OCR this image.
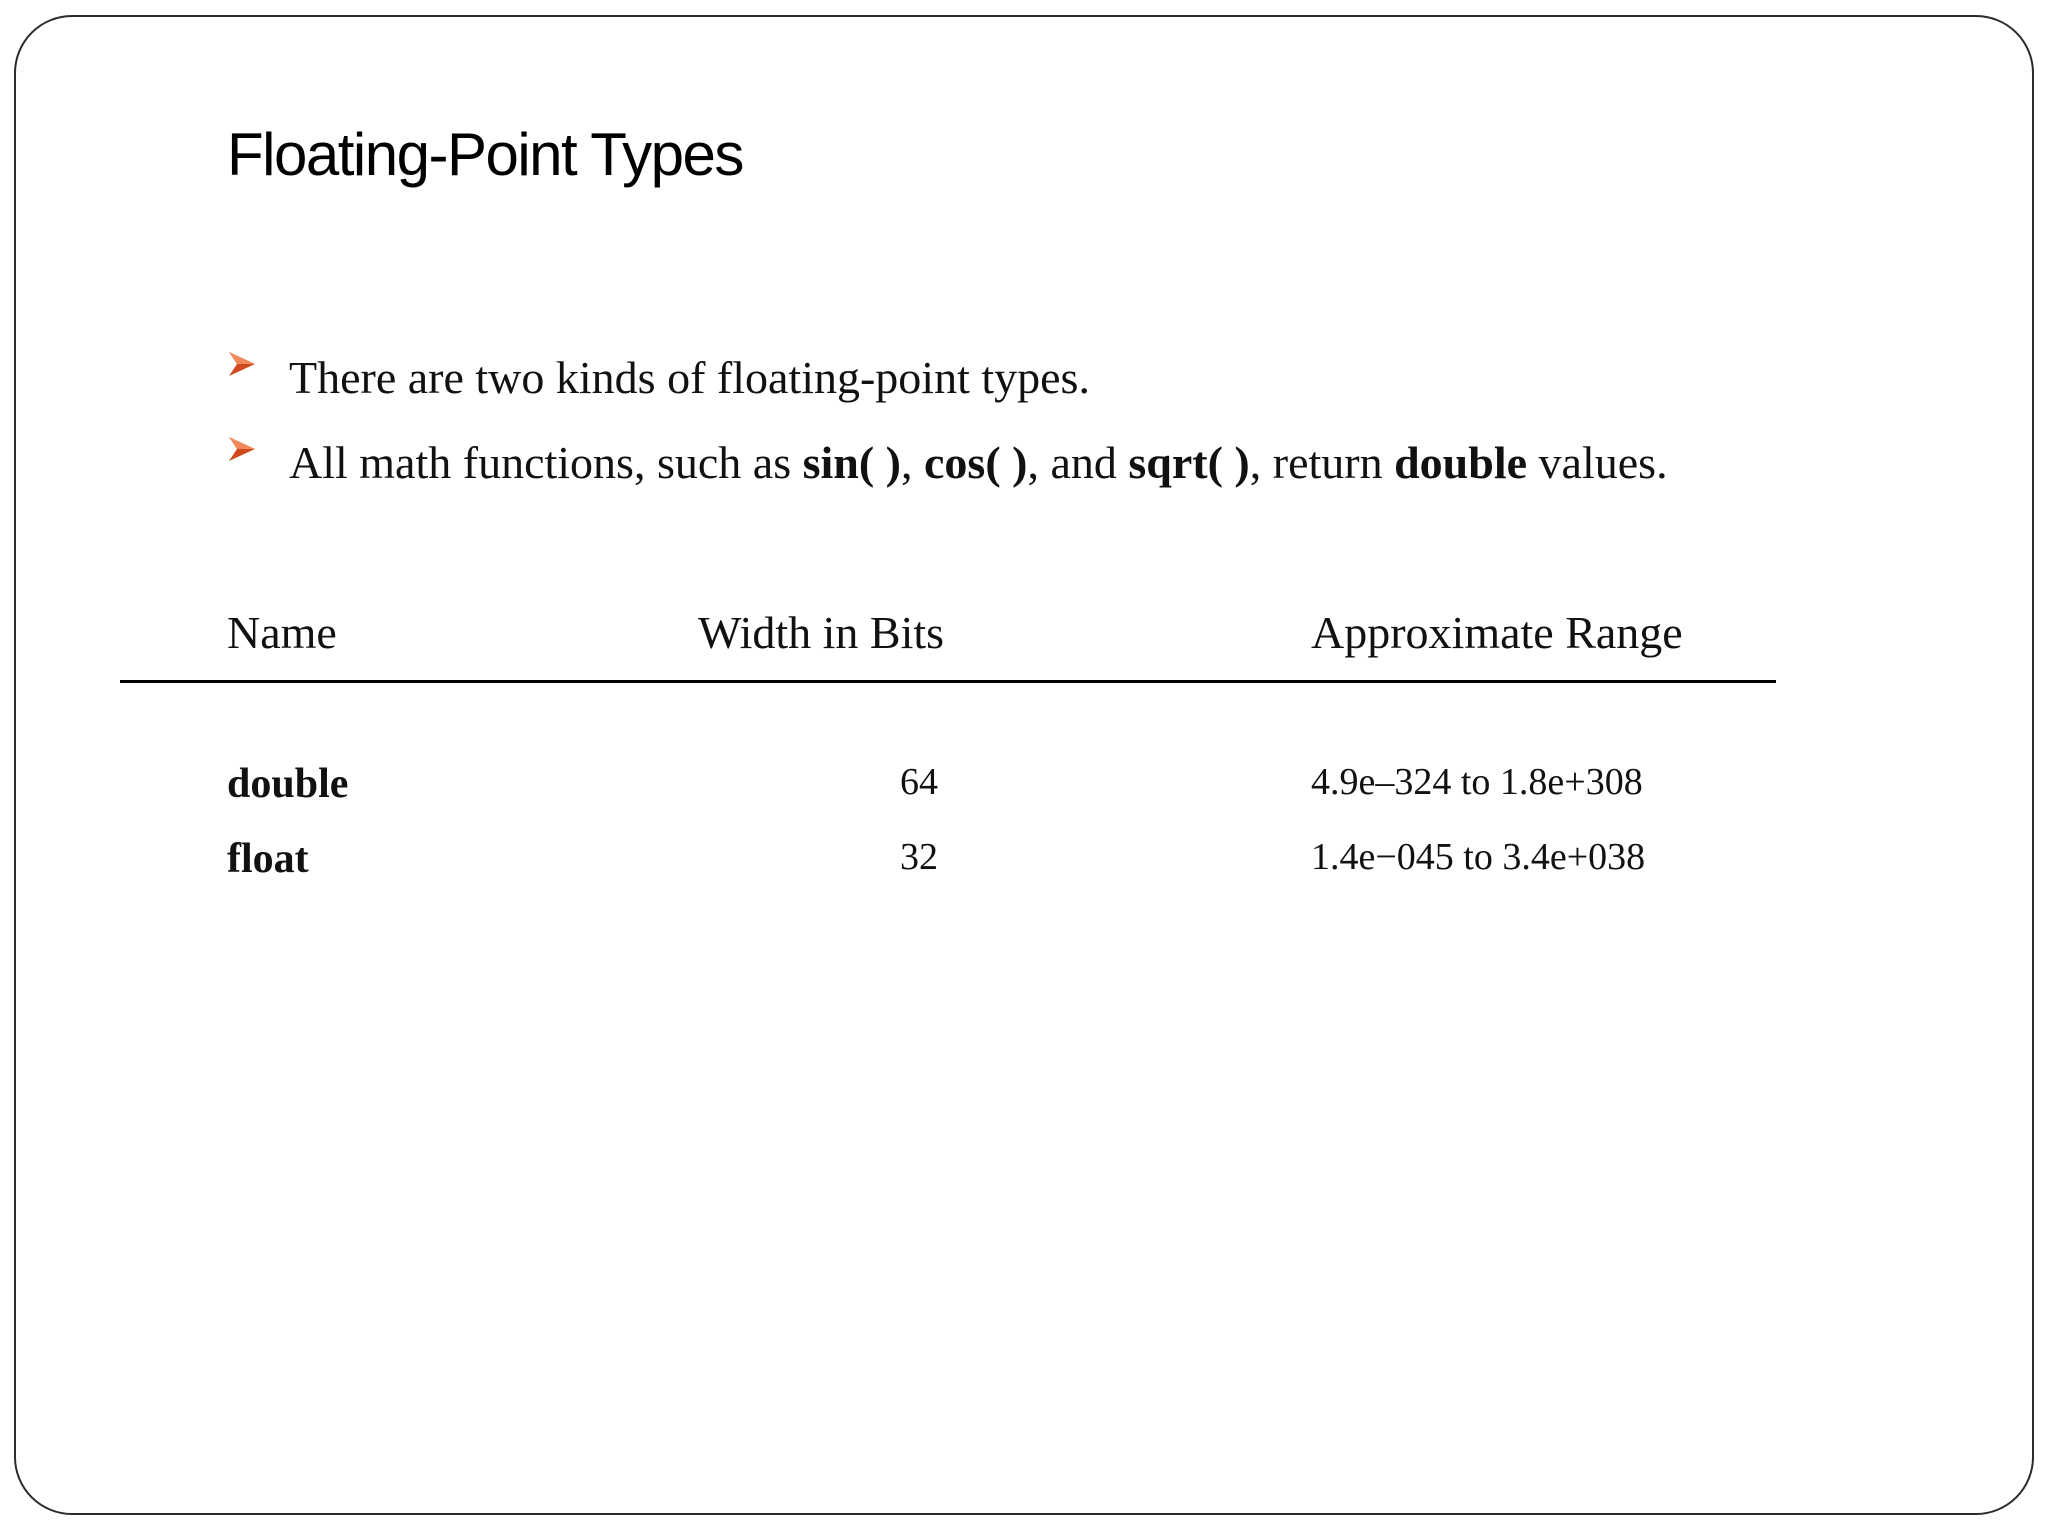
Floating-Point Types
There are two kinds of floating-point types.
All math functions, such as sin( ), cos( ), and sqrt( ), return double values.
Name	Width in Bits	Approximate Range
double	64	4.9e–324 to 1.8e+308
float	32	1.4e−045 to 3.4e+038
